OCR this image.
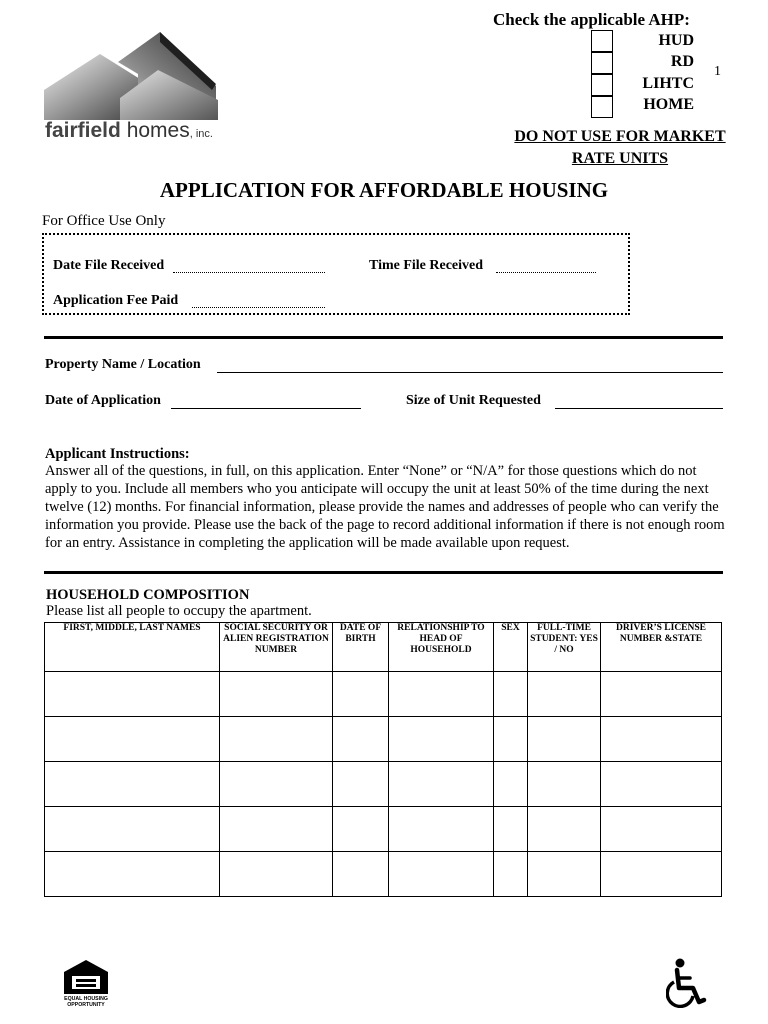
fairfield homes, inc.
Check the applicable AHP:
HUD
RD
LIHTC
HOME
1
DO NOT USE FOR MARKET
RATE UNITS
APPLICATION FOR AFFORDABLE HOUSING
For Office Use Only
Date File Received	Time File Received
Application Fee Paid
Property Name / Location
Date of Application	Size of Unit Requested
Applicant Instructions:
Answer all of the questions, in full, on this application. Enter “None” or “N/A” for those questions which do not apply to you. Include all members who you anticipate will occupy the unit at least 50% of the time during the next twelve (12) months. For financial information, please provide the names and addresses of people who can verify the information you provide. Please use the back of the page to record additional information if there is not enough room for an entry. Assistance in completing the application will be made available upon request.
HOUSEHOLD COMPOSITION
Please list all people to occupy the apartment.
FIRST, MIDDLE, LAST NAMES	SOCIAL SECURITY OR ALIEN REGISTRATION NUMBER	DATE OF BIRTH	RELATIONSHIP TO HEAD OF HOUSEHOLD	SEX	FULL-TIME STUDENT: YES / NO	DRIVER’S LICENSE NUMBER &STATE

EQUAL HOUSING
OPPORTUNITY
